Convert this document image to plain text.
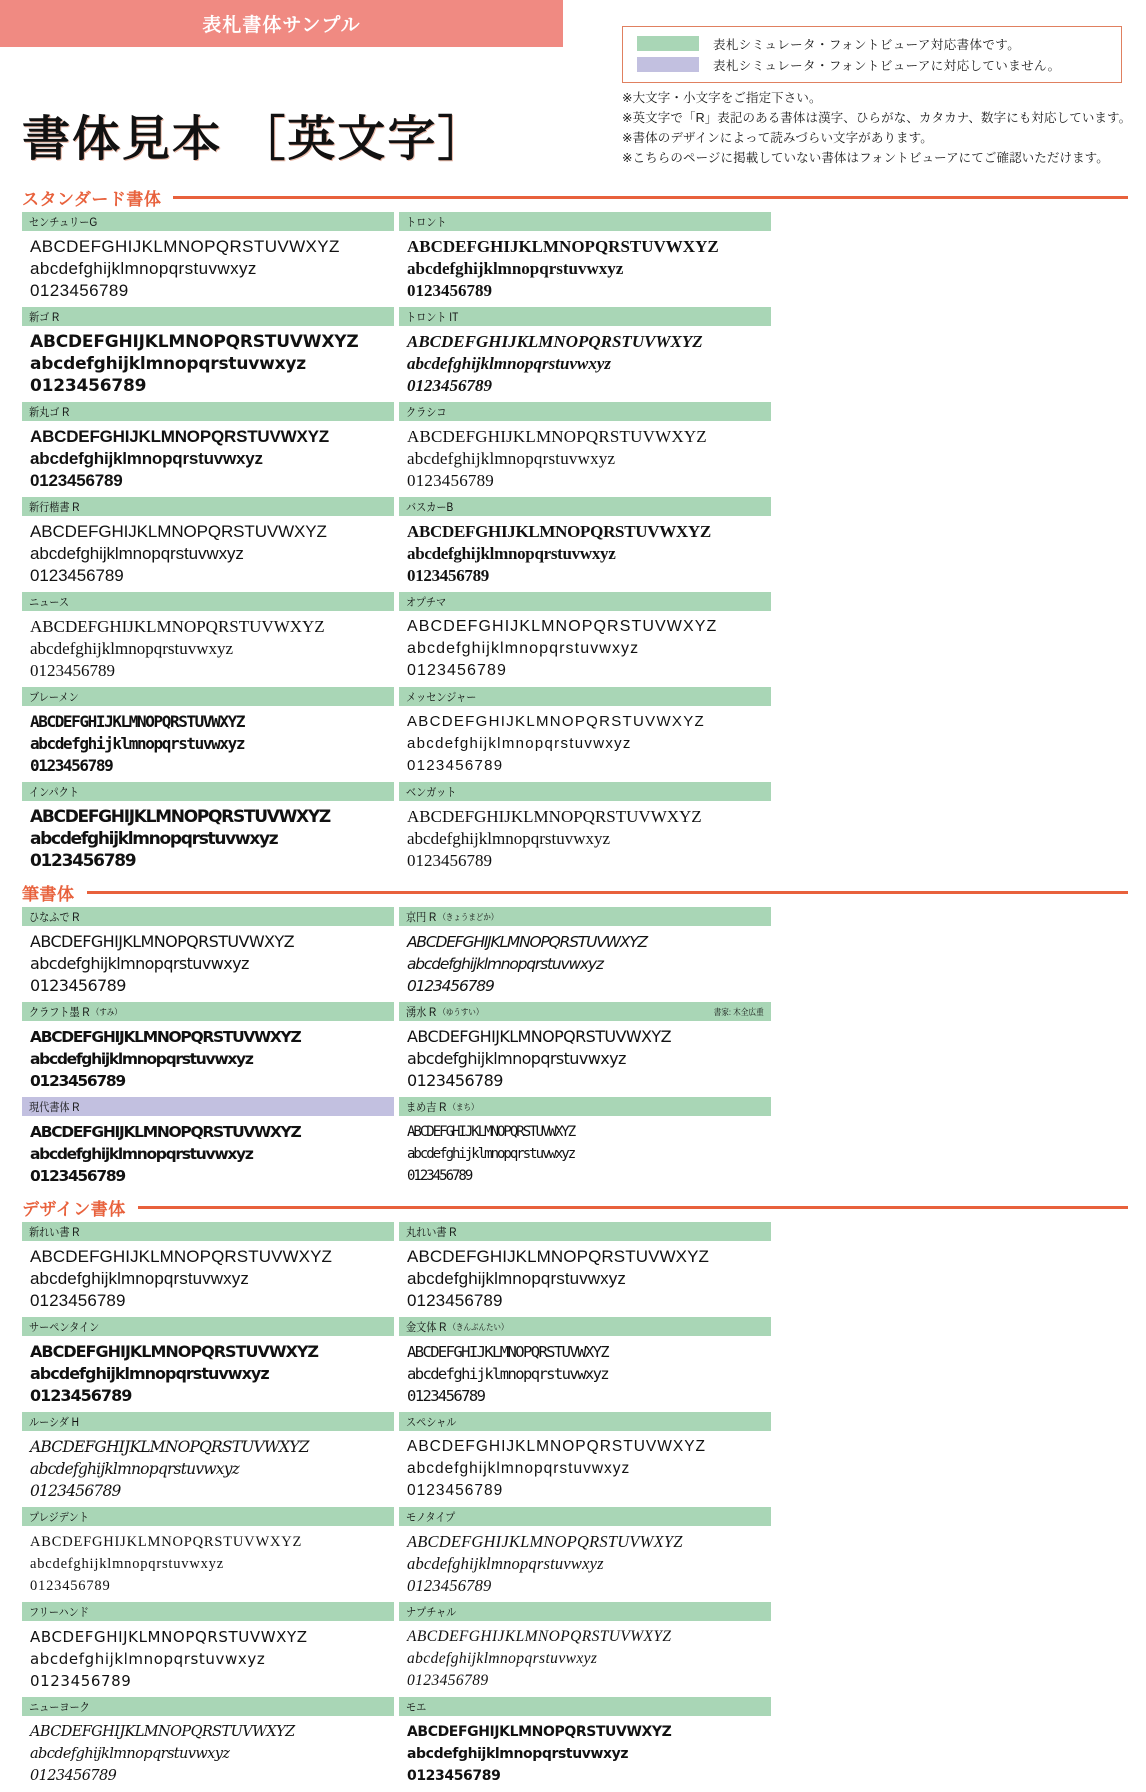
表札書体サンプル
書体見本 ［英文字］
表札シミュレータ・フォントビューア対応書体です。
表札シミュレータ・フォントビューアに対応していません。
※大文字・小文字をご指定下さい。
※英文字で「R」表記のある書体は漢字、ひらがな、カタカナ、数字にも対応しています。
※書体のデザインによって読みづらい文字があります。
※こちらのページに掲載していない書体はフォントビューアにてご確認いただけます。
スタンダード書体
センチュリーG
ABCDEFGHIJKLMNOPQRSTUVWXYZ
abcdefghijklmnopqrstuvwxyz
0123456789
トロント
ABCDEFGHIJKLMNOPQRSTUVWXYZ
abcdefghijklmnopqrstuvwxyz
0123456789
新ゴ R
ABCDEFGHIJKLMNOPQRSTUVWXYZ
abcdefghijklmnopqrstuvwxyz
0123456789
トロント IT
ABCDEFGHIJKLMNOPQRSTUVWXYZ
abcdefghijklmnopqrstuvwxyz
0123456789
新丸ゴ R
ABCDEFGHIJKLMNOPQRSTUVWXYZ
abcdefghijklmnopqrstuvwxyz
0123456789
クラシコ
ABCDEFGHIJKLMNOPQRSTUVWXYZ
abcdefghijklmnopqrstuvwxyz
0123456789
新行楷書 R
ABCDEFGHIJKLMNOPQRSTUVWXYZ
abcdefghijklmnopqrstuvwxyz
0123456789
バスカーB
ABCDEFGHIJKLMNOPQRSTUVWXYZ
abcdefghijklmnopqrstuvwxyz
0123456789
ニュース
ABCDEFGHIJKLMNOPQRSTUVWXYZ
abcdefghijklmnopqrstuvwxyz
0123456789
オプチマ
ABCDEFGHIJKLMNOPQRSTUVWXYZ
abcdefghijklmnopqrstuvwxyz
0123456789
ブレーメン
ABCDEFGHIJKLMNOPQRSTUVWXYZ
abcdefghijklmnopqrstuvwxyz
0123456789
メッセンジャー
ABCDEFGHIJKLMNOPQRSTUVWXYZ
abcdefghijklmnopqrstuvwxyz
0123456789
インパクト
ABCDEFGHIJKLMNOPQRSTUVWXYZ
abcdefghijklmnopqrstuvwxyz
0123456789
ベンガット
ABCDEFGHIJKLMNOPQRSTUVWXYZ
abcdefghijklmnopqrstuvwxyz
0123456789
筆書体
ひなふで R
ABCDEFGHIJKLMNOPQRSTUVWXYZ
abcdefghijklmnopqrstuvwxyz
0123456789
京円 R （きょうまどか）
ABCDEFGHIJKLMNOPQRSTUVWXYZ
abcdefghijklmnopqrstuvwxyz
0123456789
クラフト墨 R （すみ）
ABCDEFGHIJKLMNOPQRSTUVWXYZ
abcdefghijklmnopqrstuvwxyz
0123456789
湧水 R （ゆうすい）	書家: 木全広重
ABCDEFGHIJKLMNOPQRSTUVWXYZ
abcdefghijklmnopqrstuvwxyz
0123456789
現代書体 R
ABCDEFGHIJKLMNOPQRSTUVWXYZ
abcdefghijklmnopqrstuvwxyz
0123456789
まめ吉 R （まち）
ABCDEFGHIJKLMNOPQRSTUVWXYZ
abcdefghijklmnopqrstuvwxyz
0123456789
デザイン書体
新れい書 R
ABCDEFGHIJKLMNOPQRSTUVWXYZ
abcdefghijklmnopqrstuvwxyz
0123456789
丸れい書 R
ABCDEFGHIJKLMNOPQRSTUVWXYZ
abcdefghijklmnopqrstuvwxyz
0123456789
サーペンタイン
ABCDEFGHIJKLMNOPQRSTUVWXYZ
abcdefghijklmnopqrstuvwxyz
0123456789
金文体 R （きんぶんたい）
ABCDEFGHIJKLMNOPQRSTUVWXYZ
abcdefghijklmnopqrstuvwxyz
0123456789
ルーシダ H
ABCDEFGHIJKLMNOPQRSTUVWXYZ
abcdefghijklmnopqrstuvwxyz
0123456789
スペシャル
ABCDEFGHIJKLMNOPQRSTUVWXYZ
abcdefghijklmnopqrstuvwxyz
0123456789
プレジデント
ABCDEFGHIJKLMNOPQRSTUVWXYZ
abcdefghijklmnopqrstuvwxyz
0123456789
モノタイプ
ABCDEFGHIJKLMNOPQRSTUVWXYZ
abcdefghijklmnopqrstuvwxyz
0123456789
フリーハンド
ABCDEFGHIJKLMNOPQRSTUVWXYZ
abcdefghijklmnopqrstuvwxyz
0123456789
ナプチャル
ABCDEFGHIJKLMNOPQRSTUVWXYZ
abcdefghijklmnopqrstuvwxyz
0123456789
ニューヨーク
ABCDEFGHIJKLMNOPQRSTUVWXYZ
abcdefghijklmnopqrstuvwxyz
0123456789
モエ
ABCDEFGHIJKLMNOPQRSTUVWXYZ
abcdefghijklmnopqrstuvwxyz
0123456789
